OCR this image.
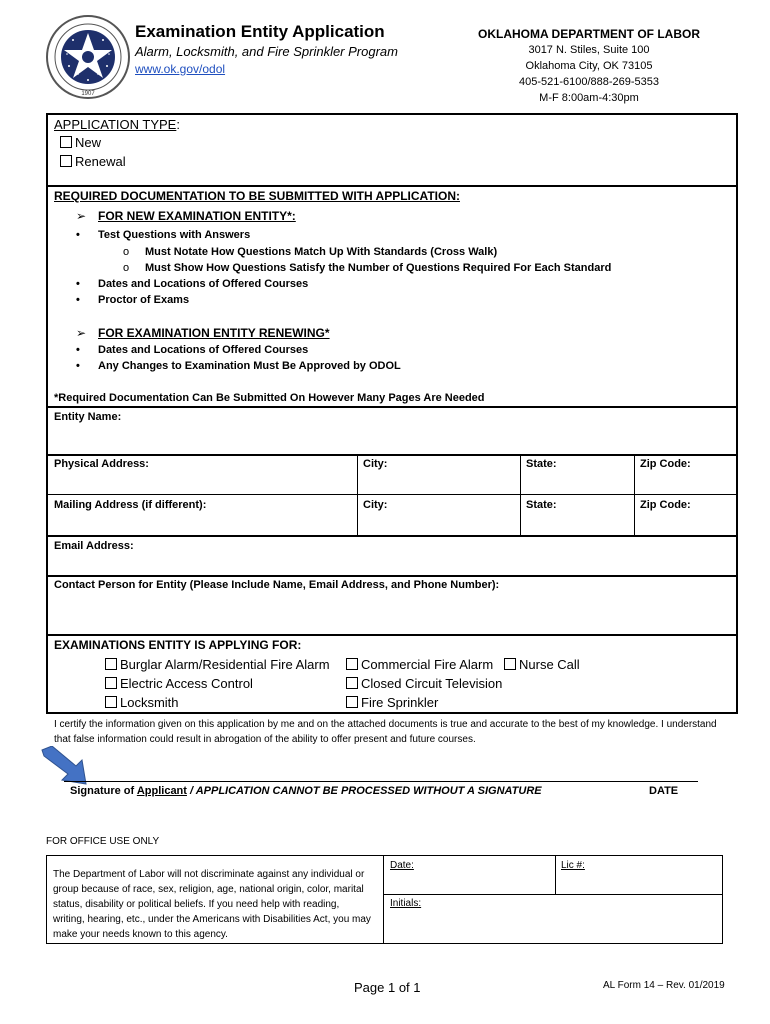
1907
Examination Entity Application
Alarm, Locksmith, and Fire Sprinkler Program
www.ok.gov/odol
OKLAHOMA DEPARTMENT OF LABOR
3017 N. Stiles, Suite 100
Oklahoma City, OK 73105
405-521-6100/888-269-5353
M-F 8:00am-4:30pm
APPLICATION TYPE:
New
Renewal
REQUIRED DOCUMENTATION TO BE SUBMITTED WITH APPLICATION:
➢ FOR NEW EXAMINATION ENTITY*:
• Test Questions with Answers
o Must Notate How Questions Match Up With Standards (Cross Walk)
o Must Show How Questions Satisfy the Number of Questions Required For Each Standard
• Dates and Locations of Offered Courses
• Proctor of Exams
➢ FOR EXAMINATION ENTITY RENEWING*
• Dates and Locations of Offered Courses
• Any Changes to Examination Must Be Approved by ODOL
*Required Documentation Can Be Submitted On However Many Pages Are Needed
Entity Name:
Physical Address:	City:	State:	Zip Code:
Mailing Address (if different):	City:	State:	Zip Code:
Email Address:
Contact Person for Entity (Please Include Name, Email Address, and Phone Number):
EXAMINATIONS ENTITY IS APPLYING FOR:
Burglar Alarm/Residential Fire Alarm	Commercial Fire Alarm	Nurse Call
Electric Access Control	Closed Circuit Television
Locksmith	Fire Sprinkler
I certify the information given on this application by me and on the attached documents is true and accurate to the best of my knowledge. I understand that false information could result in abrogation of the ability to offer present and future courses.
Signature of Applicant / APPLICATION CANNOT BE PROCESSED WITHOUT A SIGNATURE	DATE
FOR OFFICE USE ONLY
The Department of Labor will not discriminate against any individual or group because of race, sex, religion, age, national origin, color, marital status, disability or political beliefs. If you need help with reading, writing, hearing, etc., under the Americans with Disabilities Act, you may make your needs known to this agency.
Date:	Lic #:
Initials:
Page 1 of 1	AL Form 14 – Rev. 01/2019
